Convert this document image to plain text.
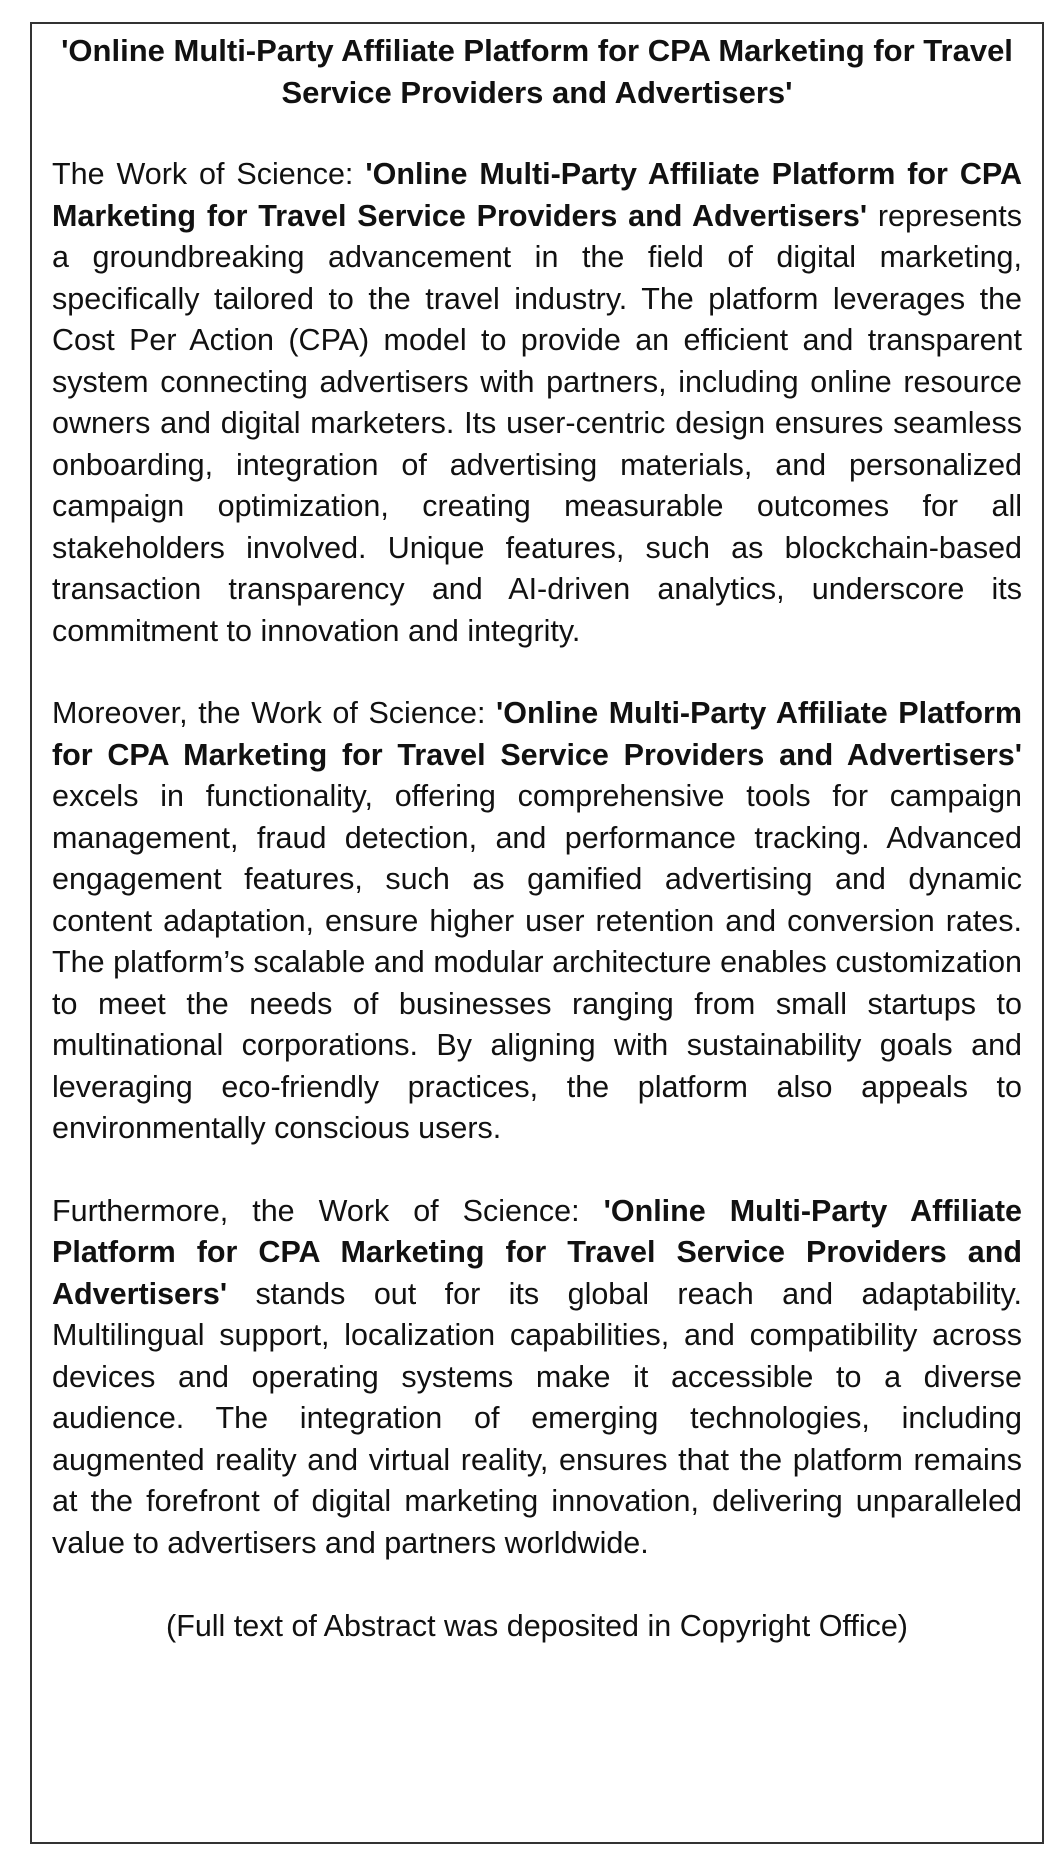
'Online Multi-Party Affiliate Platform for CPA Marketing for Travel Service Providers and Advertisers'

The Work of Science: 'Online Multi-Party Affiliate Platform for CPA Marketing for Travel Service Providers and Advertisers' represents a groundbreaking advancement in the field of digital marketing, specifically tailored to the travel industry. The platform leverages the Cost Per Action (CPA) model to provide an efficient and transparent system connecting advertisers with partners, including online resource owners and digital marketers. Its user-centric design ensures seamless onboarding, integration of advertising materials, and personalized campaign optimization, creating measurable outcomes for all stakeholders involved. Unique features, such as blockchain-based transaction transparency and AI-driven analytics, underscore its commitment to innovation and integrity.

Moreover, the Work of Science: 'Online Multi-Party Affiliate Platform for CPA Marketing for Travel Service Providers and Advertisers' excels in functionality, offering comprehensive tools for campaign management, fraud detection, and performance tracking. Advanced engagement features, such as gamified advertising and dynamic content adaptation, ensure higher user retention and conversion rates. The platform’s scalable and modular architecture enables customization to meet the needs of businesses ranging from small startups to multinational corporations. By aligning with sustainability goals and leveraging eco-friendly practices, the platform also appeals to environmentally conscious users.

Furthermore, the Work of Science: 'Online Multi-Party Affiliate Platform for CPA Marketing for Travel Service Providers and Advertisers' stands out for its global reach and adaptability. Multilingual support, localization capabilities, and compatibility across devices and operating systems make it accessible to a diverse audience. The integration of emerging technologies, including augmented reality and virtual reality, ensures that the platform remains at the forefront of digital marketing innovation, delivering unparalleled value to advertisers and partners worldwide.

(Full text of Abstract was deposited in Copyright Office)
